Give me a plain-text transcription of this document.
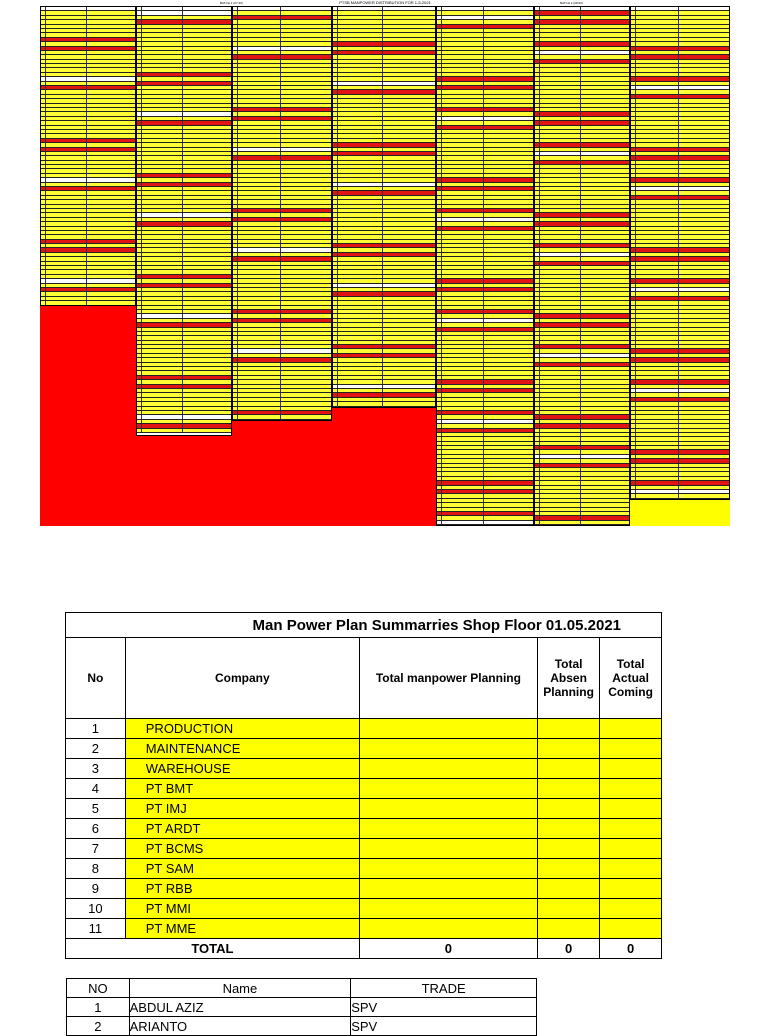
PTSB MANPOWER DISTRIBUTION FOR 1-5-2021
BATCH 1 (07:30)	BATCH 2 (08:00)
Man Power Plan Summarries Shop Floor 01.05.2021				
No	Company	Total manpower Planning	Total Absen Planning	Total Actual Coming
1	PRODUCTION			
2	MAINTENANCE			
3	WAREHOUSE			
4	PT BMT			
5	PT IMJ			
6	PT ARDT			
7	PT BCMS			
8	PT SAM			
9	PT RBB			
10	PT MMI			
11	PT MME			
TOTAL		0	0	0
NO	Name	TRADE
1	ABDUL AZIZ	SPV
2	ARIANTO	SPV
